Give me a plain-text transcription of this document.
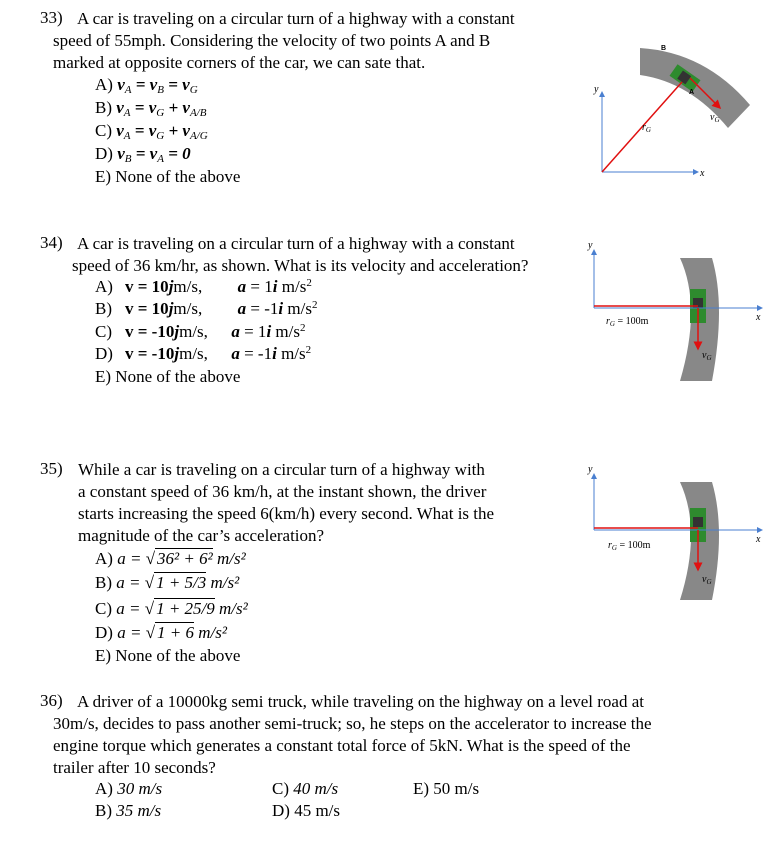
33) A car is traveling on a circular turn of a highway with a constant
speed of 55mph. Considering the velocity of two points A and B
marked at opposite corners of the car, we can sate that.
A) $v_A = v_B = v_G$
B) $v_A = v_G + v_{A/B}$
C) $v_A = v_G + v_{A/G}$
D) $v_B = v_A = 0$
E) None of the above
y
x
$r_G$
$v_G$
B
A
34) A car is traveling on a circular turn of a highway with a constant
speed of 36 km/hr, as shown. What is its velocity and acceleration?
A) v = 10jm/s, a = 1i $m/s^2$
B) v = 10jm/s, a = -1i $m/s^2$
C) v = -10jm/s, a = 1i $m/s^2$
D) v = -10jm/s, a = -1i $m/s^2$
E) None of the above
y
x
$r_G = 100m$
$v_G$
35) While a car is traveling on a circular turn of a highway with
a constant speed of 36 km/h, at the instant shown, the driver
starts increasing the speed 6(km/h) every second. What is the
magnitude of the car’s acceleration?
A) a = √ 36² + 6² m/s²
B) a = √ 1 + 5/3 m/s²
C) a = √ 1 + 25/9 m/s²
D) a = √ 1 + 6 m/s²
E) None of the above
y
x
$r_G = 100m$
$v_G$
36) A driver of a 10000kg semi truck, while traveling on the highway on a level road at
30m/s, decides to pass another semi-truck; so, he steps on the accelerator to increase the
engine torque which generates a constant total force of 5kN. What is the speed of the
trailer after 10 seconds?
A) 30 m/s
B) 35 m/s
C) 40 m/s
D) 45 m/s
E) 50 m/s
